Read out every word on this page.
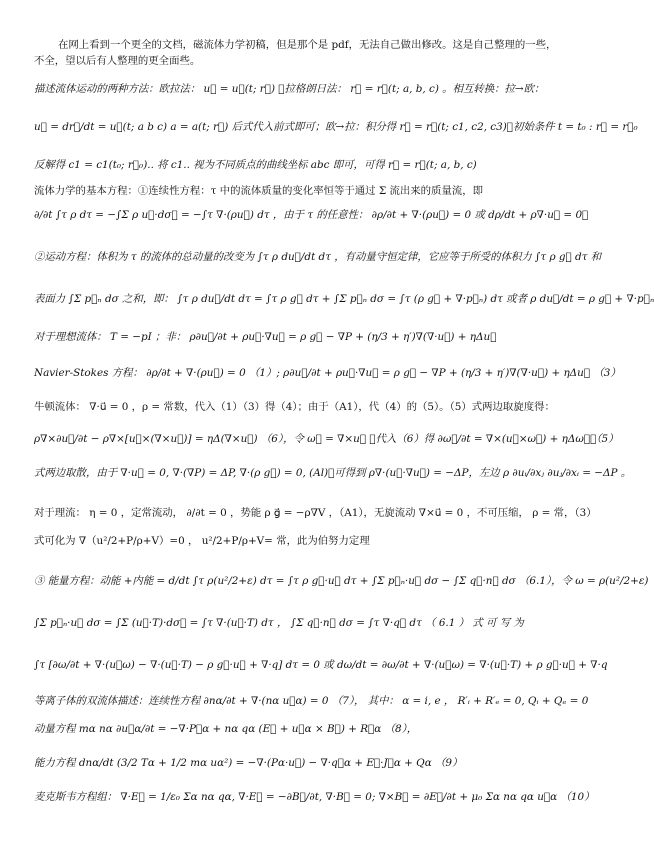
在网上看到一个更全的文档，磁流体力学初稿，但是那个是 pdf，无法自己做出修改。这是自己整理的一些，
不全，望以后有人整理的更全面些。
描述流体运动的两种方法：欧拉法： u⃗ = u⃗(t; r⃗) ；拉格朗日法： r⃗ = r⃗(t; a, b, c) 。相互转换：拉→欧：
u⃗ = dr⃗/dt = u⃗(t; a b c) a = a(t; r⃗) 后式代入前式即可；欧→拉：积分得 r⃗ = r⃗(t; c1, c2, c3)，初始条件 t = t₀ : r⃗ = r⃗₀
反解得 c1 = c1(t₀; r⃗₀).. 将 c1.. 视为不同质点的曲线坐标 abc 即可，可得 r⃗ = r⃗(t; a, b, c)
流体力学的基本方程：①连续性方程：τ 中的流体质量的变化率恒等于通过 Σ 流出来的质量流，即
∂/∂t ∫τ ρ dτ = −∫Σ ρ u⃗·dσ⃗ = −∫τ ∇·(ρu⃗) dτ ，由于 τ 的任意性： ∂ρ/∂t + ∇·(ρu⃗) = 0 或 dρ/dt + ρ∇·u⃗ = 0；
②运动方程：体积为 τ 的流体的总动量的改变为 ∫τ ρ du⃗/dt dτ ，有动量守恒定律，它应等于所受的体积力 ∫τ ρ g⃗ dτ 和
表面力 ∫Σ p⃗ₙ dσ 之和，即： ∫τ ρ du⃗/dt dτ = ∫τ ρ g⃗ dτ + ∫Σ p⃗ₙ dσ = ∫τ (ρ g⃗ + ∇·p⃗ₙ) dτ 或者 ρ du⃗/dt = ρ g⃗ + ∇·p⃗ₙ
对于理想流体： T = −pI ；非： ρ∂u⃗/∂t + ρu⃗·∇u⃗ = ρ g⃗ − ∇P + (η/3 + η′)∇(∇·u⃗) + ηΔu⃗
Navier-Stokes 方程： ∂ρ/∂t + ∇·(ρu⃗) = 0 （1）; ρ∂u⃗/∂t + ρu⃗·∇u⃗ = ρ g⃗ − ∇P + (η/3 + η′)∇(∇·u⃗) + ηΔu⃗ （3）
牛顿流体： ∇·u⃗ = 0 ，ρ = 常数，代入（1）（3）得（4）；由于（A1），代（4）的（5）。（5）式两边取旋度得：
ρ∇×∂u⃗/∂t − ρ∇×[u⃗×(∇×u⃗)] = ηΔ(∇×u⃗) （6），令 ω⃗ = ∇×u⃗ ，代入（6）得 ∂ω⃗/∂t = ∇×(u⃗×ω⃗) + ηΔω⃗；（5）
式两边取散，由于 ∇·u⃗ = 0, ∇·(∇P) = ΔP, ∇·(ρ g⃗) = 0, (Al)，可得到 ρ∇·(u⃗·∇u⃗) = −ΔP，左边 ρ ∂uᵢ/∂xⱼ ∂uⱼ/∂xᵢ = −ΔP 。
对于理流： η = 0 ，定常流动， ∂/∂t = 0 ，势能 ρ g⃗ = −ρ∇V ，（A1），无旋流动 ∇×u⃗ = 0 ，不可压缩， ρ = 常，（3）
式可化为 ∇（u²/2+P/ρ+V）=0 ， u²/2+P/ρ+V= 常，此为伯努力定理
③ 能量方程：动能 +内能 = d/dt ∫τ ρ(u²/2+ε) dτ = ∫τ ρ g⃗·u⃗ dτ + ∫Σ p⃗ₙ·u⃗ dσ − ∫Σ q⃗·n⃗ dσ （6.1），令 ω = ρ(u²/2+ε)
∫Σ p⃗ₙ·u⃗ dσ = ∫Σ (u⃗·T)·dσ⃗ = ∫τ ∇·(u⃗·T) dτ ， ∫Σ q⃗·n⃗ dσ = ∫τ ∇·q⃗ dτ （ 6.1 ） 式 可 写 为
∫τ [∂ω/∂t + ∇·(u⃗ω) − ∇·(u⃗·T) − ρ g⃗·u⃗ + ∇·q] dτ = 0 或 dω/dt = ∂ω/∂t + ∇·(u⃗ω) = ∇·(u⃗·T) + ρ g⃗·u⃗ + ∇·q
等离子体的双流体描述：连续性方程 ∂nα/∂t + ∇·(nα u⃗α) = 0 （7）， 其中： α = i, e ， R′ᵢ + R′ₑ = 0, Qᵢ + Qₑ = 0
动量方程 mα nα ∂u⃗α/∂t = −∇·P⃗α + nα qα (E⃗ + u⃗α × B⃗) + R⃗α （8），
能力方程 dnα/dt (3/2 Tα + 1/2 mα uα²) = −∇·(Pα·u⃗) − ∇·q⃗α + E⃗·J⃗α + Qα （9）
麦克斯韦方程组： ∇·E⃗ = 1/ε₀ Σα nα qα, ∇·E⃗ = −∂B⃗/∂t, ∇·B⃗ = 0; ∇×B⃗ = ∂E⃗/∂t + μ₀ Σα nα qα u⃗α （10）
